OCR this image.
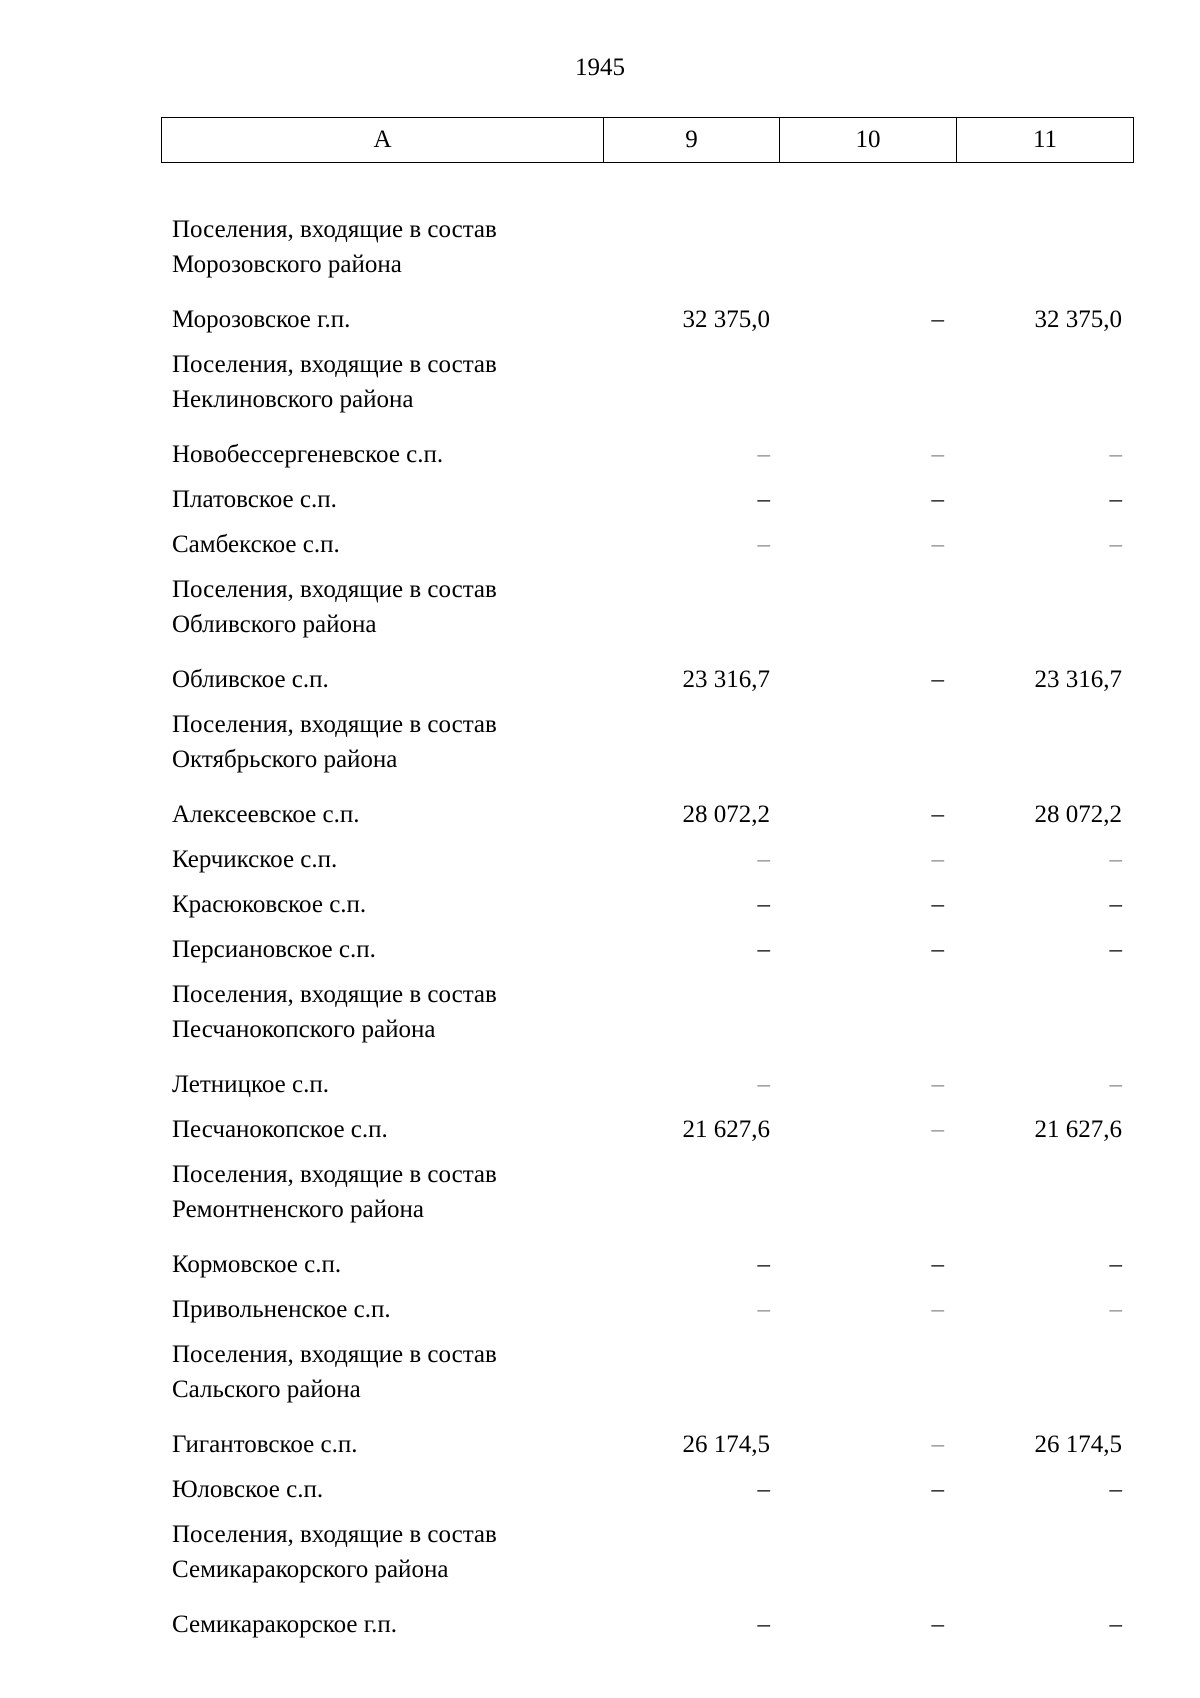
1945
А	9	10	11
Поселения, входящие в состав
Морозовского района
Морозовское г.п.	32 375,0	–	32 375,0
Поселения, входящие в состав
Неклиновского района
Новобессергеневское с.п.	–	–	–
Платовское с.п.	–	–	–
Самбекское с.п.	–	–	–
Поселения, входящие в состав
Обливского района
Обливское с.п.	23 316,7	–	23 316,7
Поселения, входящие в состав
Октябрьского района
Алексеевское с.п.	28 072,2	–	28 072,2
Керчикское с.п.	–	–	–
Красюковское с.п.	–	–	–
Персиановское с.п.	–	–	–
Поселения, входящие в состав
Песчанокопского района
Летницкое с.п.	–	–	–
Песчанокопское с.п.	21 627,6	–	21 627,6
Поселения, входящие в состав
Ремонтненского района
Кормовское с.п.	–	–	–
Привольненское с.п.	–	–	–
Поселения, входящие в состав
Сальского района
Гигантовское с.п.	26 174,5	–	26 174,5
Юловское с.п.	–	–	–
Поселения, входящие в состав
Семикаракорского района
Семикаракорское г.п.	–	–	–
